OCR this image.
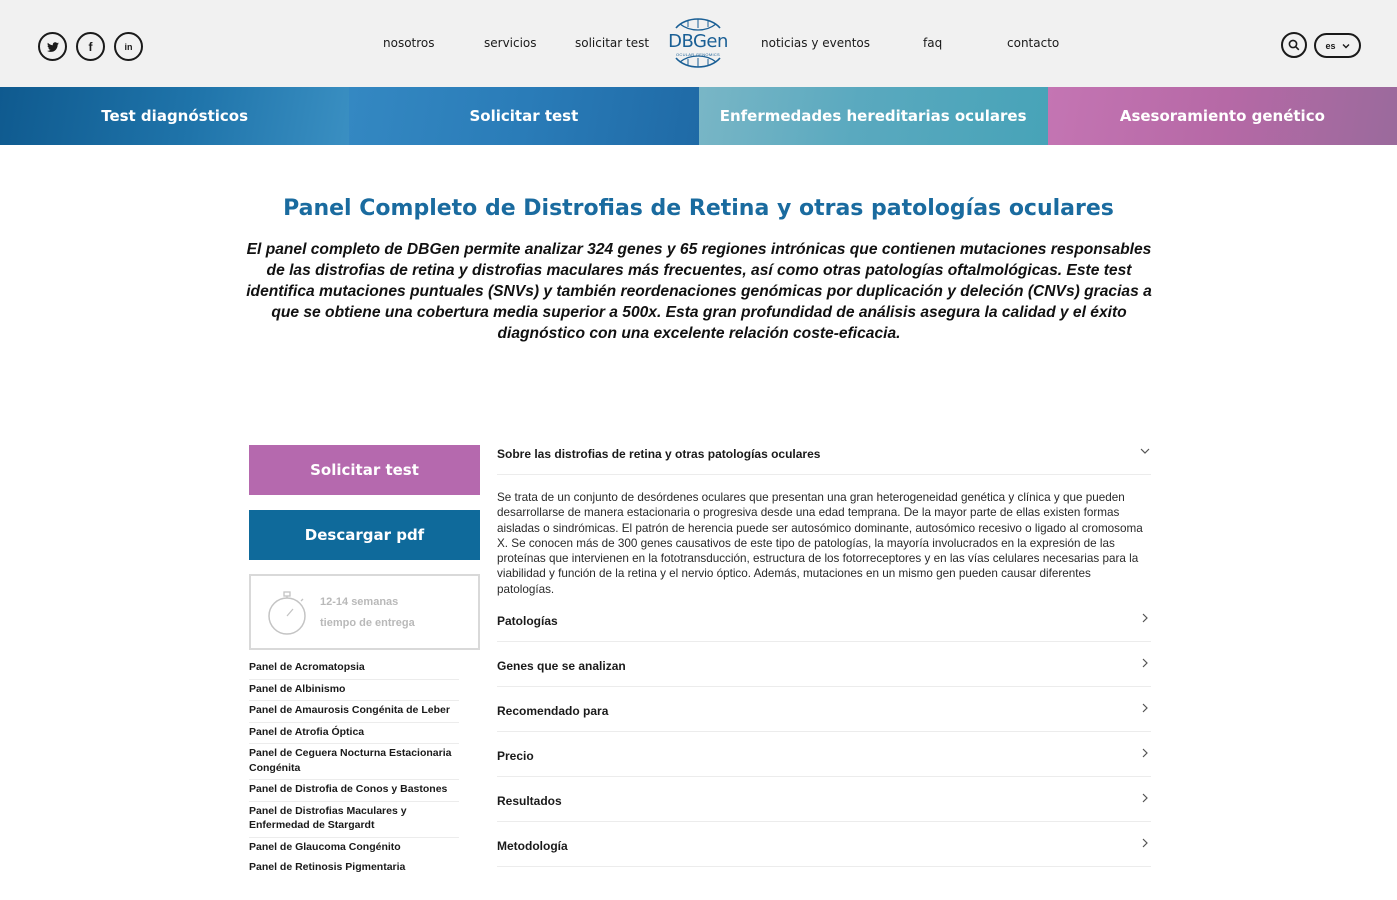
f	in	nosotros	servicios	solicitar test	noticias y eventos	faq	contacto
DBGen
OCULAR GENOMICS
es
Test diagnósticos	Solicitar test	Enfermedades hereditarias oculares	Asesoramiento genético
Panel Completo de Distrofias de Retina y otras patologías oculares

El panel completo de DBGen permite analizar 324 genes y 65 regiones intrónicas que contienen mutaciones responsables de las distrofias de retina y distrofias maculares más frecuentes, así como otras patologías oftalmológicas. Este test identifica mutaciones puntuales (SNVs) y también reordenaciones genómicas por duplicación y deleción (CNVs) gracias a que se obtiene una cobertura media superior a 500x. Esta gran profundidad de análisis asegura la calidad y el éxito diagnóstico con una excelente relación coste-eficacia.

Solicitar test
Descargar pdf
12-14 semanas
tiempo de entrega
Panel de Acromatopsia
Panel de Albinismo
Panel de Amaurosis Congénita de Leber
Panel de Atrofia Óptica
Panel de Ceguera Nocturna Estacionaria Congénita
Panel de Distrofia de Conos y Bastones
Panel de Distrofias Maculares y Enfermedad de Stargardt
Panel de Glaucoma Congénito
Panel de Retinosis Pigmentaria
Sobre las distrofias de retina y otras patologías oculares
Se trata de un conjunto de desórdenes oculares que presentan una gran heterogeneidad genética y clínica y que pueden desarrollarse de manera estacionaria o progresiva desde una edad temprana. De la mayor parte de ellas existen formas aisladas o sindrómicas. El patrón de herencia puede ser autosómico dominante, autosómico recesivo o ligado al cromosoma X. Se conocen más de 300 genes causativos de este tipo de patologías, la mayoría involucrados en la expresión de las proteínas que intervienen en la fototransducción, estructura de los fotorreceptores y en las vías celulares necesarias para la viabilidad y función de la retina y el nervio óptico. Además, mutaciones en un mismo gen pueden causar diferentes patologías.
Patologías
Genes que se analizan
Recomendado para
Precio
Resultados
Metodología
